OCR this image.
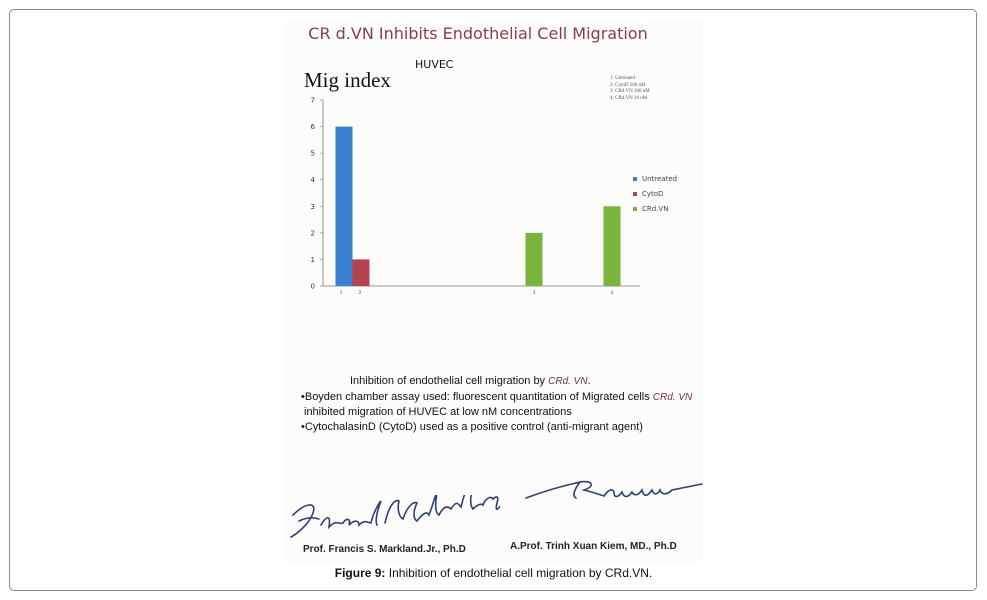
CR d.VN Inhibits Endothelial Cell Migration
Mig index
HUVEC
1: Untreated
2: CytoD 200 nM
3: CRd.VN 100 nM
4: CRd.VN 10 nM
0
1
2
3
4
5
6
7
1	2	3	4
Untreated
CytoD
CRd.VN
Inhibition of endothelial cell migration by CRd. VN.
•Boyden chamber assay used: fluorescent quantitation of Migrated cells CRd. VN
inhibited migration of HUVEC at low nM concentrations
•CytochalasinD (CytoD) used as a positive control (anti-migrant agent)
Prof. Francis S. Markland.Jr., Ph.D	A.Prof. Trinh Xuan Kiem, MD., Ph.D
Figure 9: Inhibition of endothelial cell migration by CRd.VN.
